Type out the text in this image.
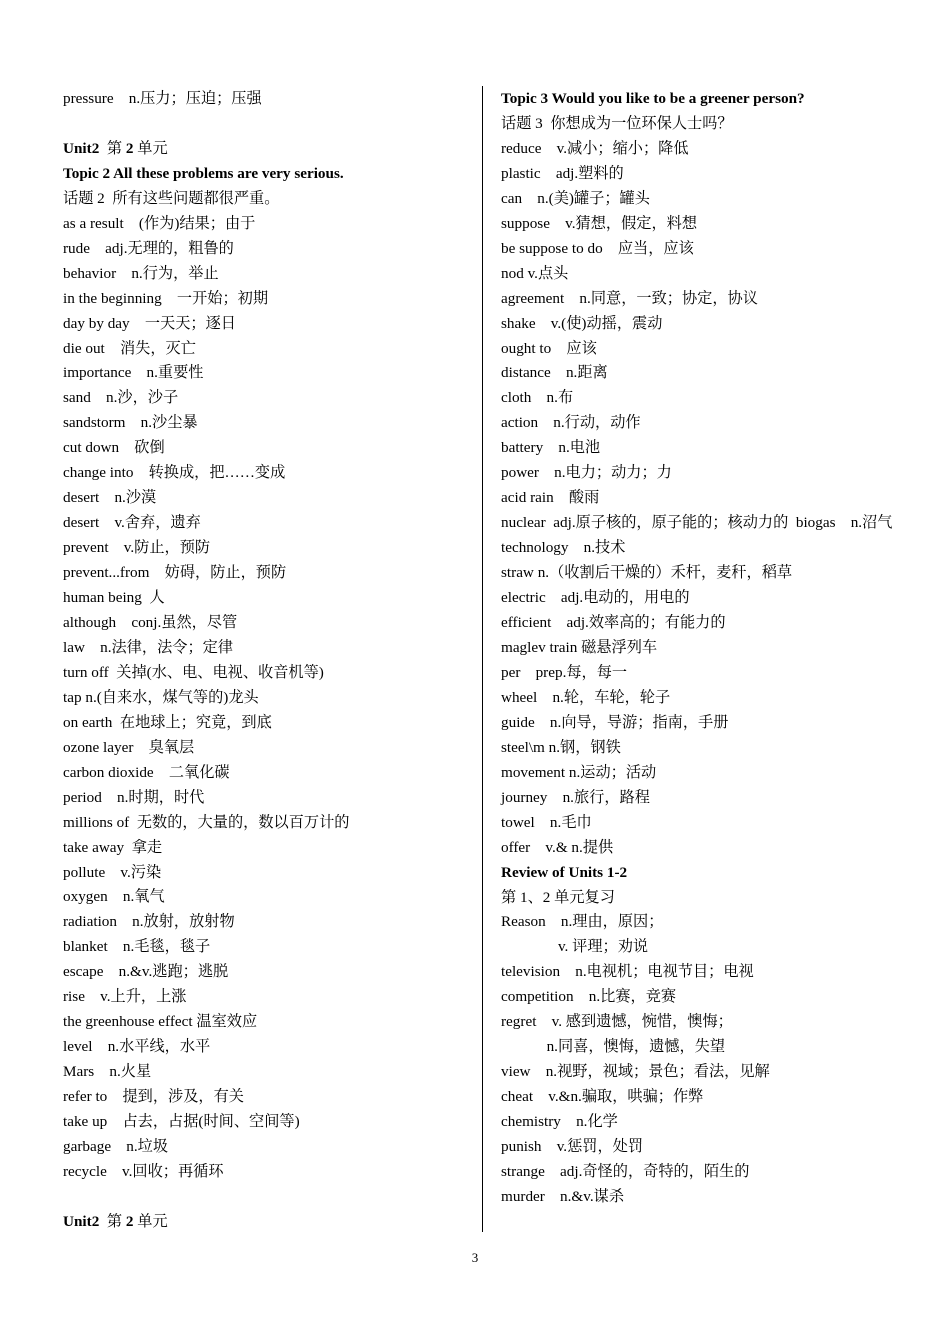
pressure　n.压力；压迫；压强
Unit2  第 2 单元
Topic 2 All these problems are very serious.
话题 2  所有这些问题都很严重。
as a result　(作为)结果；由于
rude　adj.无理的，粗鲁的
behavior　n.行为，举止
in the beginning　一开始；初期
day by day　一天天；逐日
die out　消失，灭亡
importance　n.重要性
sand　n.沙，沙子
sandstorm　n.沙尘暴
cut down　砍倒
change into　转换成，把……变成
desert　n.沙漠
desert　v.舍弃，遗弃
prevent　v.防止，预防
prevent...from　妨碍，防止，预防
human being  人
although　conj.虽然，尽管
law　n.法律，法令；定律
turn off  关掉(水、电、电视、收音机等)
tap n.(自来水，煤气等的)龙头
on earth  在地球上；究竟，到底
ozone layer　臭氧层
carbon dioxide　二氧化碳
period　n.时期，时代
millions of  无数的，大量的，数以百万计的
take away  拿走
pollute　v.污染
oxygen　n.氧气
radiation　n.放射，放射物
blanket　n.毛毯，毯子
escape　n.&v.逃跑；逃脱
rise　v.上升，上涨
the greenhouse effect 温室效应
level　n.水平线，水平
Mars　n.火星
refer to　提到，涉及，有关
take up　占去，占据(时间、空间等)
garbage　n.垃圾
recycle　v.回收；再循环
Unit2  第 2 单元
Topic 3 Would you like to be a greener person?
话题 3  你想成为一位环保人士吗？
reduce　v.减小；缩小；降低
plastic　adj.塑料的
can　n.(美)罐子；罐头
suppose　v.猜想，假定，料想
be suppose to do　应当，应该
nod v.点头
agreement　n.同意，一致；协定，协议
shake　v.(使)动摇，震动
ought to　应该
distance　n.距离
cloth　n.布
action　n.行动，动作
battery　n.电池
power　n.电力；动力；力
acid rain　酸雨
nuclear  adj.原子核的，原子能的；核动力的  biogas　n.沼气
technology　n.技术
straw n.（收割后干燥的）禾杆，麦秆，稻草
electric　adj.电动的，用电的
efficient　adj.效率高的；有能力的
maglev train 磁悬浮列车
per　prep.每，每一
wheel　n.轮，车轮，轮子
guide　n.向导，导游；指南，手册
steel\m n.钢，钢铁
movement n.运动；活动
journey　n.旅行，路程
towel　n.毛巾
offer　v.& n.提供
Review of Units 1-2
第 1、2 单元复习
Reason　n.理由，原因；
v. 评理；劝说
television　n.电视机；电视节目；电视
competition　n.比赛，竞赛
regret　v. 感到遗憾，惋惜，懊悔；
n.同喜，懊悔，遗憾，失望
view　n.视野，视域；景色；看法，见解
cheat　v.&n.骗取，哄骗；作弊
chemistry　n.化学
punish　v.惩罚，处罚
strange　adj.奇怪的，奇特的，陌生的
murder　n.&v.谋杀
3
